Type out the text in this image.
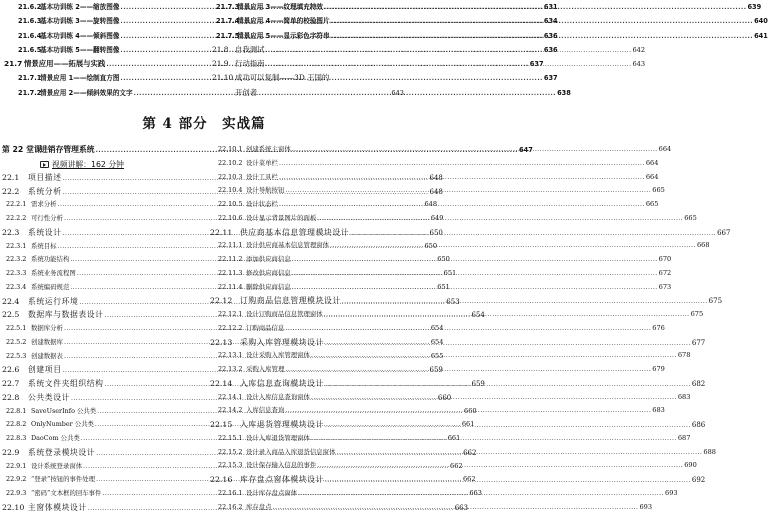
21.6.2
基本功训练 2——缩放图像 .....	631
21.6.3
基本功训练 3——旋转图像 .....	634
21.6.4
基本功训练 4——倾斜图像 .....	636
21.6.5
基本功训练 5——翻转图像 .....	636
21.7 情景应用——拓展与实践 .....	637
21.7.1
情景应用 1——绘制直方图 .....	637
21.7.2
情景应用 2——倾斜效果的文字 .....	638
21.7.3
情景应用 3——纹理填充特效 .....	639
21.7.4
情景应用 4——简单的校验图片 .....	640
21.7.5
情景应用 5——显示彩色字符串 .....	641
21.8 自我测试 .....	642
21.9 行动指南 .....	643
21.10 成功可以复制——3D 王国的
开创者	643
第 4 部分　实战篇
第 22 堂课
进销存管理系统 .....	647
视频讲解：162 分钟
22.1	项目描述 .....	648
22.2	系统分析 .....	648
22.2.1 需求分析 .....	648
22.2.2 可行性分析 .....	649
22.3	系统设计 .....	650
22.3.1 系统目标 .....	650
22.3.2 系统功能结构 .....	650
22.3.3 系统业务流程图 .....	651
22.3.4 系统编码规范 .....	651
22.4	系统运行环境 .....	653
22.5	数据库与数据表设计 .....	654
22.5.1 数据库分析 .....	654
22.5.2 创建数据库 .....	654
22.5.3 创建数据表 .....	655
22.6	创建项目 .....	659
22.7	系统文件夹组织结构 .....	659
22.8	公共类设计 .....	660
22.8.1 SaveUserInfo 公共类 .....	660
22.8.2 OnlyNumber 公共类 .....	661
22.8.3 DaoCom 公共类 .....	661
22.9	系统登录模块设计 .....	662
22.9.1 设计系统登录窗体 .....	662
22.9.2 “登录”按钮的事件处理 .....	662
22.9.3 “密码”文本框的回车事件 .....	663
22.10 主窗体模块设计 .....	663
22.10.1 创建系统主窗体 .....	664
22.10.2 设计菜单栏 .....	664
22.10.3 设计工具栏 .....	664
22.10.4 设计导航按钮 .....	665
22.10.5 设计状态栏 .....	665
22.10.6 设计显示背景图片的面板 .....	665
22.11 供应商基本信息管理模块设计 .....	667
22.11.1 设计供应商基本信息管理窗体 .....	668
22.11.2 添加供应商信息 .....	670
22.11.3 修改供应商信息 .....	672
22.11.4 删除供应商信息 .....	673
22.12 订购商品信息管理模块设计 .....	675
22.12.1 设计订购商品信息管理窗体 .....	675
22.12.2 订购商品信息 .....	676
22.13 采购入库管理模块设计 .....	677
22.13.1 设计采购入库管理窗体 .....	678
22.13.2 采购入库管理 .....	679
22.14 入库信息查询模块设计 .....	682
22.14.1 设计入库信息查询窗体 .....	683
22.14.2 入库信息查询 .....	683
22.15 入库退货管理模块设计 .....	686
22.15.1 设计入库退货管理窗体 .....	687
22.15.2 设计录入商品入库退货信息窗体 .....	688
22.15.3 设计保存输入信息的事件 .....	690
22.16 库存盘点窗体模块设计 .....	692
22.16.1 设计库存盘点窗体 .....	693
22.16.2 库存盘点 .....	693
